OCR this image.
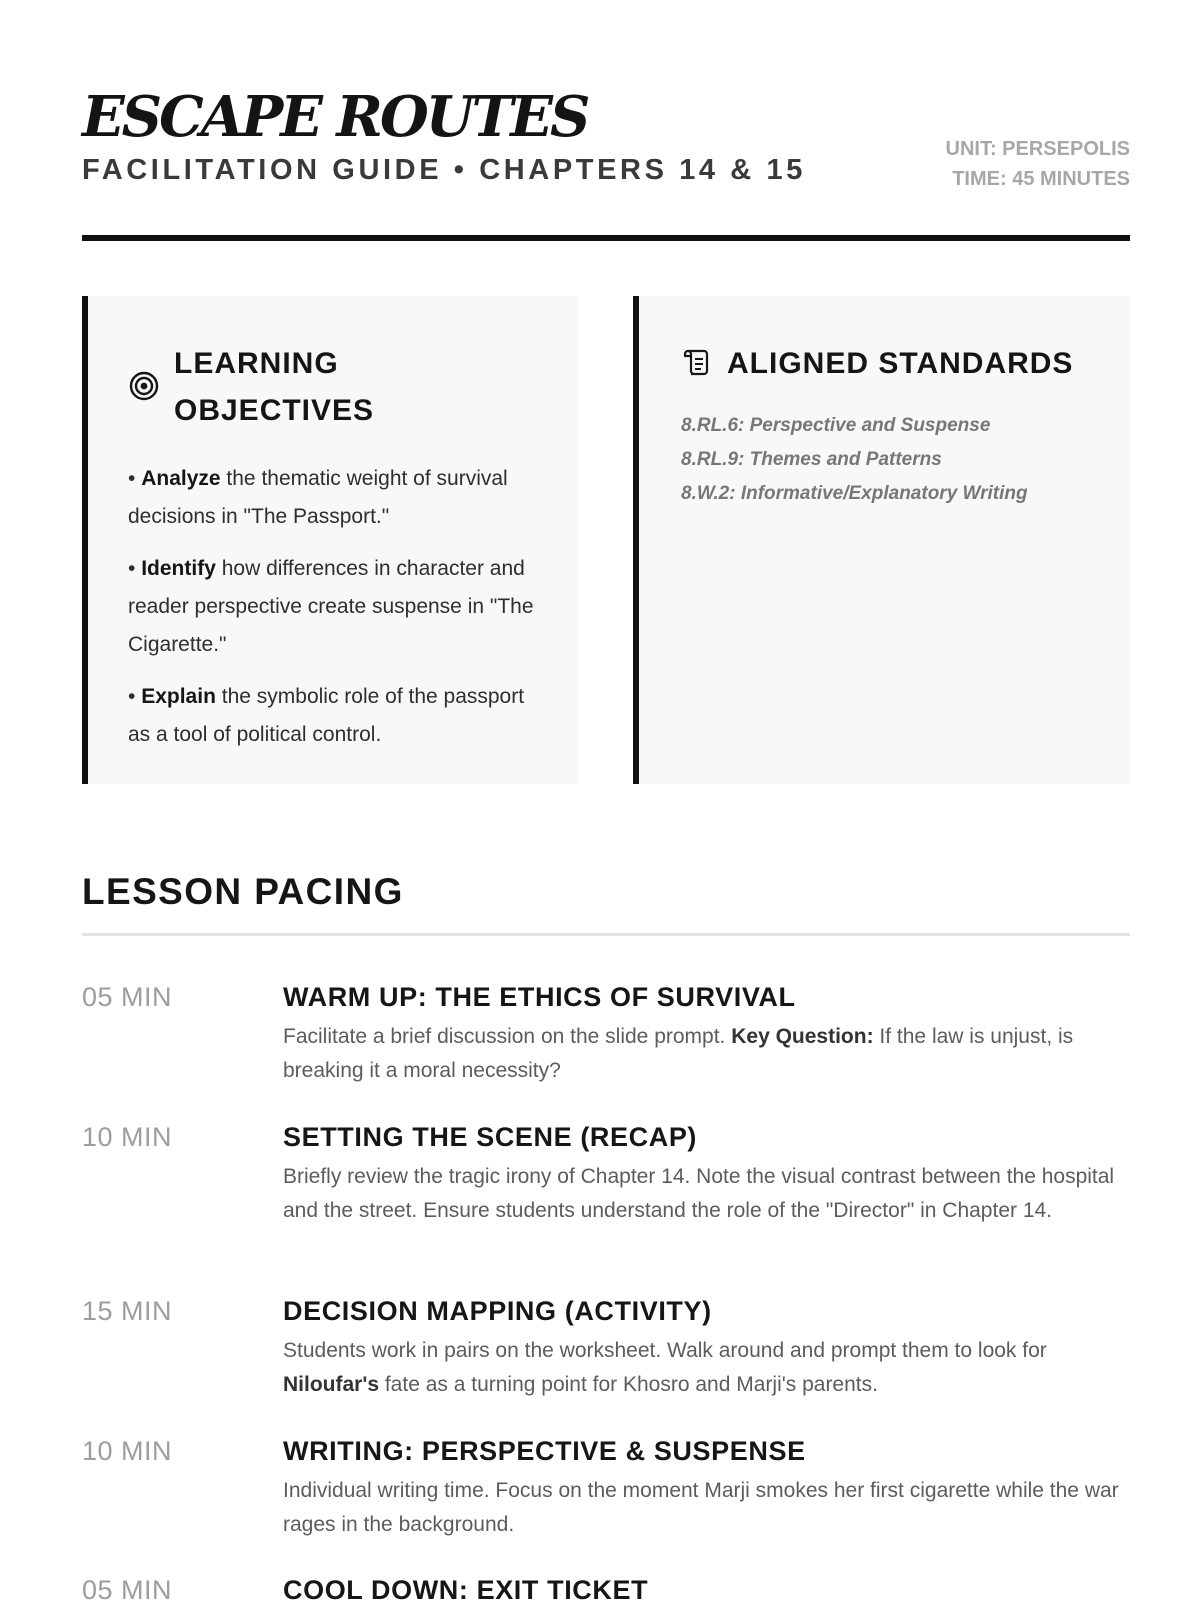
ESCAPE ROUTES
FACILITATION GUIDE • CHAPTERS 14 & 15
UNIT: PERSEPOLIS
TIME: 45 MINUTES
LEARNING OBJECTIVES
• Analyze the thematic weight of survival decisions in "The Passport."
• Identify how differences in character and reader perspective create suspense in "The Cigarette."
• Explain the symbolic role of the passport as a tool of political control.
ALIGNED STANDARDS
8.RL.6: Perspective and Suspense
8.RL.9: Themes and Patterns
8.W.2: Informative/Explanatory Writing
LESSON PACING
05 MIN	WARM UP: THE ETHICS OF SURVIVAL
Facilitate a brief discussion on the slide prompt. Key Question: If the law is unjust, is breaking it a moral necessity?
10 MIN	SETTING THE SCENE (RECAP)
Briefly review the tragic irony of Chapter 14. Note the visual contrast between the hospital and the street. Ensure students understand the role of the "Director" in Chapter 14.
15 MIN	DECISION MAPPING (ACTIVITY)
Students work in pairs on the worksheet. Walk around and prompt them to look for Niloufar's fate as a turning point for Khosro and Marji's parents.
10 MIN	WRITING: PERSPECTIVE & SUSPENSE
Individual writing time. Focus on the moment Marji smokes her first cigarette while the war rages in the background.
05 MIN	COOL DOWN: EXIT TICKET
